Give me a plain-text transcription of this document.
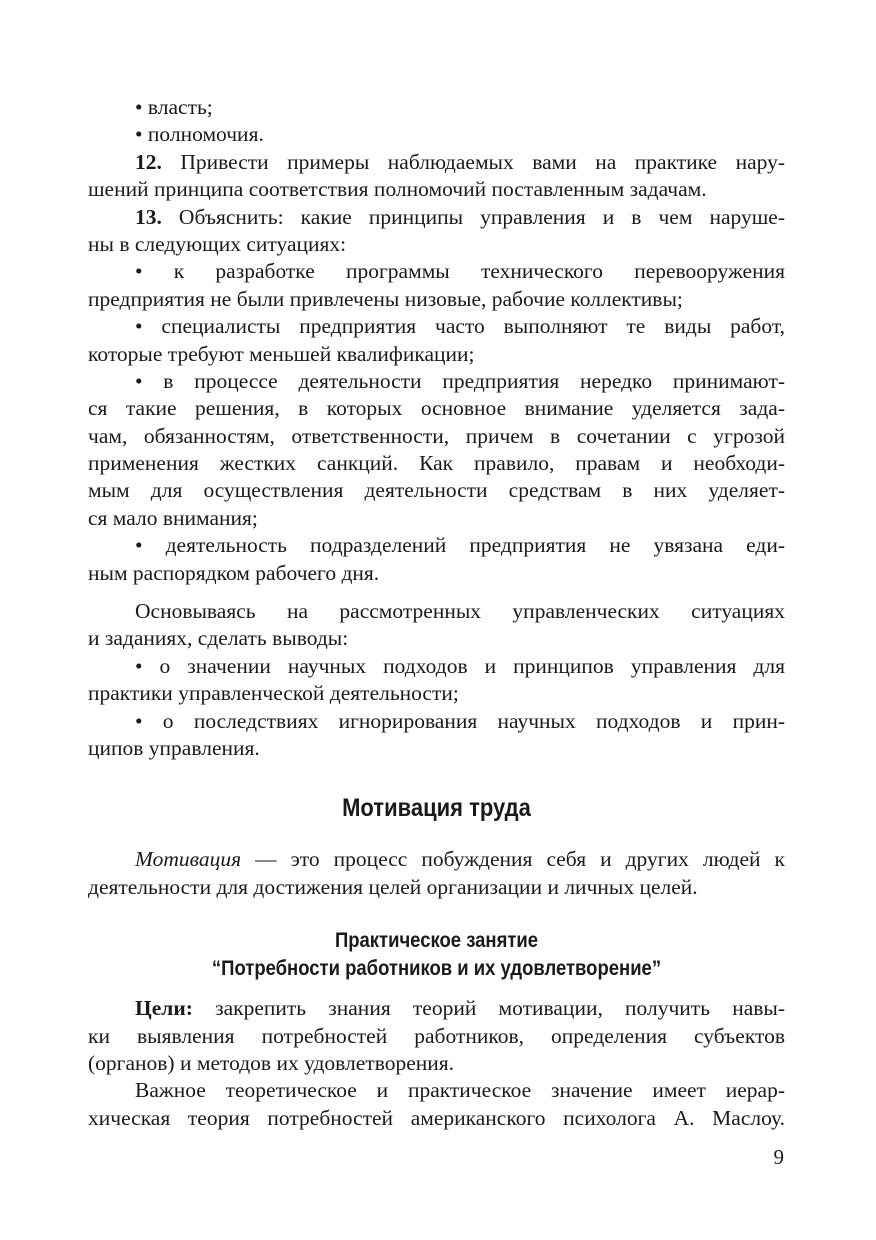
• власть;
• полномочия.
12. Привести примеры наблюдаемых вами на практике нару-
шений принципа соответствия полномочий поставленным задачам.
13. Объяснить: какие принципы управления и в чем наруше-
ны в следующих ситуациях:
• к разработке программы технического перевооружения
предприятия не были привлечены низовые, рабочие коллективы;
• специалисты предприятия часто выполняют те виды работ,
которые требуют меньшей квалификации;
• в процессе деятельности предприятия нередко принимают-
ся такие решения, в которых основное внимание уделяется зада-
чам, обязанностям, ответственности, причем в сочетании с угрозой
применения жестких санкций. Как правило, правам и необходи-
мым для осуществления деятельности средствам в них уделяет-
ся мало внимания;
• деятельность подразделений предприятия не увязана еди-
ным распорядком рабочего дня.
Основываясь на рассмотренных управленческих ситуациях
и заданиях, сделать выводы:
• о значении научных подходов и принципов управления для
практики управленческой деятельности;
• о последствиях игнорирования научных подходов и прин-
ципов управления.
Мотивация труда
Мотивация — это процесс побуждения себя и других людей к
деятельности для достижения целей организации и личных целей.
Практическое занятие
“Потребности работников и их удовлетворение”
Цели: закрепить знания теорий мотивации, получить навы-
ки выявления потребностей работников, определения субъектов
(органов) и методов их удовлетворения.
Важное теоретическое и практическое значение имеет иерар-
хическая теория потребностей американского психолога А. Маслоу.
9
